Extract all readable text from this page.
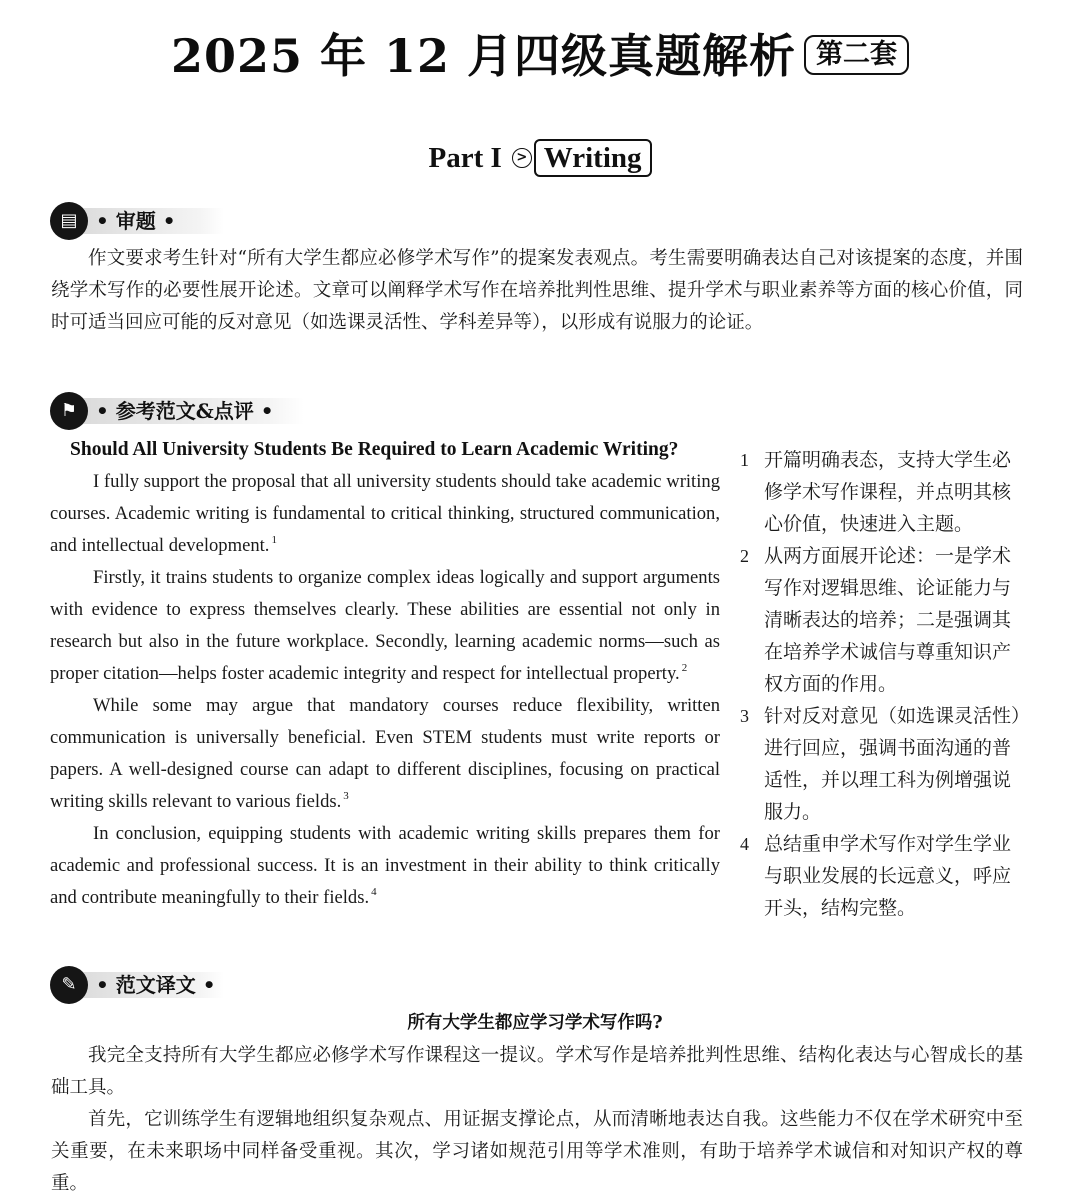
2025 年 12 月四级真题解析 第二套
Part I > Writing
▤ • 审题 •

作文要求考生针对“所有大学生都应必修学术写作”的提案发表观点。考生需要明确表达自己对该提案的态度，并围绕学术写作的必要性展开论述。文章可以阐释学术写作在培养批判性思维、提升学术与职业素养等方面的核心价值，同时可适当回应可能的反对意见（如选课灵活性、学科差异等），以形成有说服力的论证。

⚑ • 参考范文&点评 •
Should All University Students Be Required to Learn Academic Writing?

I fully support the proposal that all university students should take academic writing courses. Academic writing is fundamental to critical thinking, structured communication, and intellectual development. $^1$

Firstly, it trains students to organize complex ideas logically and support arguments with evidence to express themselves clearly. These abilities are essential not only in research but also in the future workplace. Secondly, learning academic norms—such as proper citation—helps foster academic integrity and respect for intellectual property. $^2$

While some may argue that mandatory courses reduce flexibility, written communication is universally beneficial. Even STEM students must write reports or papers. A well-designed course can adapt to different disciplines, focusing on practical writing skills relevant to various fields. $^3$

In conclusion, equipping students with academic writing skills prepares them for academic and professional success. It is an investment in their ability to think critically and contribute meaningfully to their fields. $^4$

1 开篇明确表态，支持大学生必修学术写作课程，并点明其核心价值，快速进入主题。
2 从两方面展开论述：一是学术写作对逻辑思维、论证能力与清晰表达的培养；二是强调其在培养学术诚信与尊重知识产权方面的作用。
3 针对反对意见（如选课灵活性）进行回应，强调书面沟通的普适性，并以理工科为例增强说服力。
4 总结重申学术写作对学生学业与职业发展的长远意义，呼应开头，结构完整。
✎ • 范文译文 •
所有大学生都应学习学术写作吗?

我完全支持所有大学生都应必修学术写作课程这一提议。学术写作是培养批判性思维、结构化表达与心智成长的基础工具。

首先，它训练学生有逻辑地组织复杂观点、用证据支撑论点，从而清晰地表达自我。这些能力不仅在学术研究中至关重要，在未来职场中同样备受重视。其次，学习诸如规范引用等学术准则，有助于培养学术诚信和对知识产权的尊重。
